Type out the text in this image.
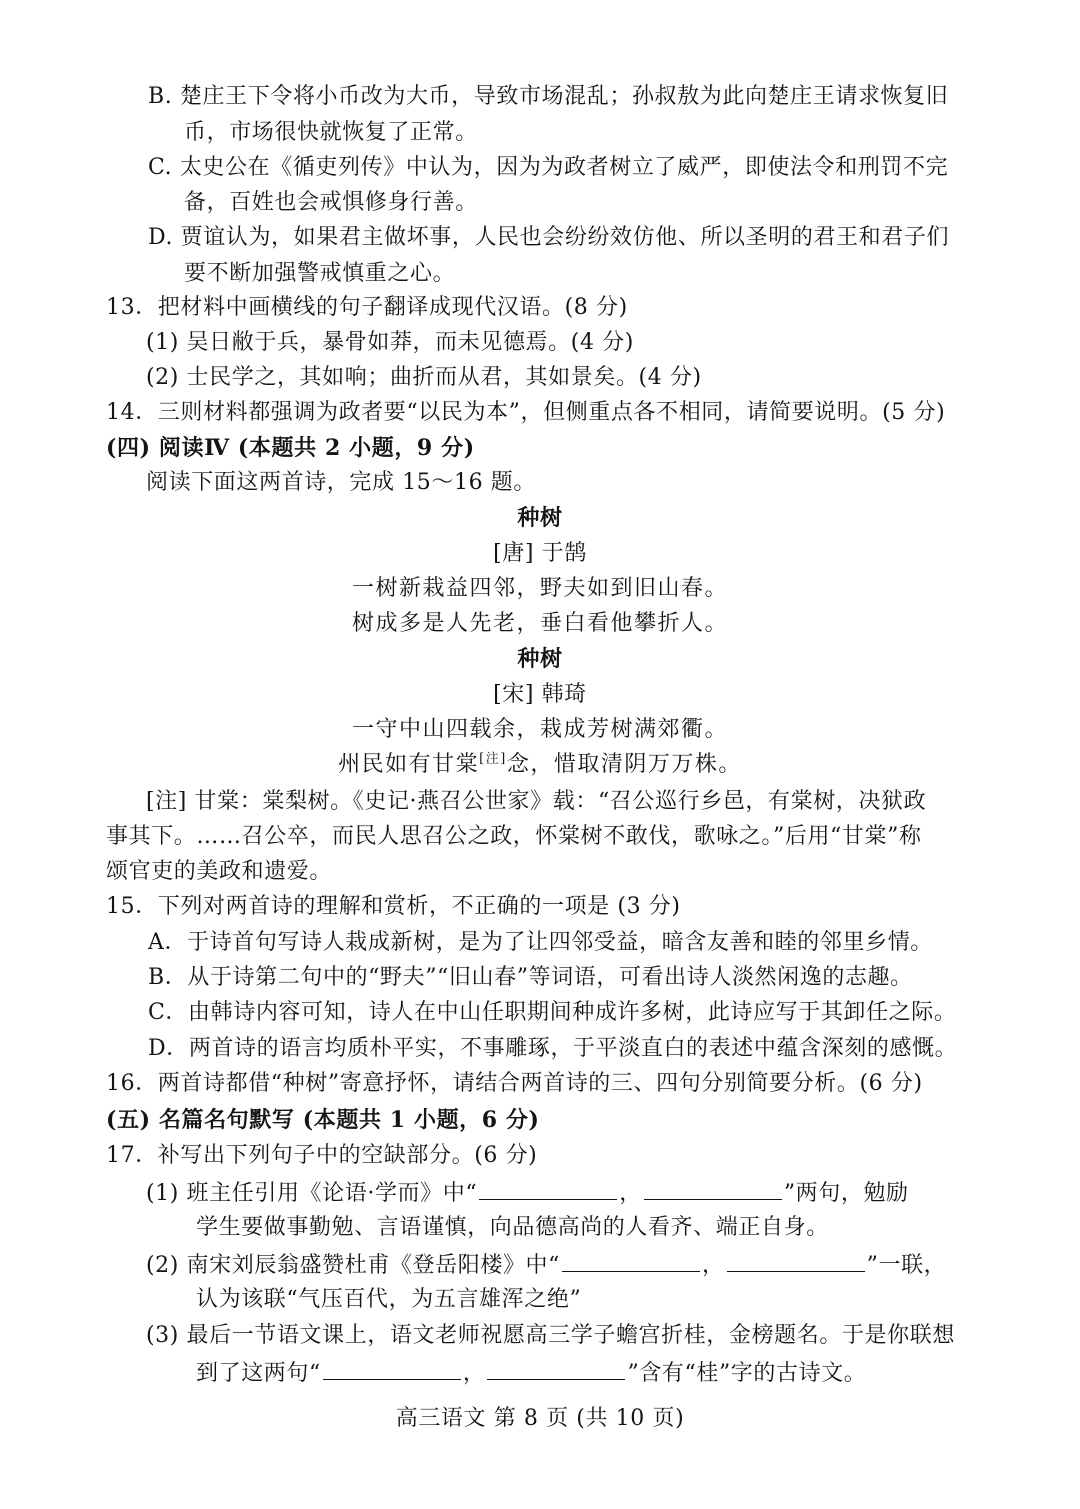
B. 楚庄王下令将小币改为大币，导致市场混乱；孙叔敖为此向楚庄王请求恢复旧
币，市场很快就恢复了正常。
C. 太史公在《循吏列传》中认为，因为为政者树立了威严，即使法令和刑罚不完
备，百姓也会戒惧修身行善。
D. 贾谊认为，如果君主做坏事，人民也会纷纷效仿他、所以圣明的君王和君子们
要不断加强警戒慎重之心。
13．把材料中画横线的句子翻译成现代汉语。(8 分)
(1) 吴日敝于兵，暴骨如莽，而未见德焉。(4 分)
(2) 士民学之，其如响；曲折而从君，其如景矣。(4 分)
14．三则材料都强调为政者要“以民为本”，但侧重点各不相同，请简要说明。(5 分)
(四) 阅读Ⅳ (本题共 2 小题，9 分)
阅读下面这两首诗，完成 15～16 题。
种树
[唐] 于鹄
一树新栽益四邻，野夫如到旧山春。
树成多是人先老，垂白看他攀折人。
种树
[宋] 韩琦
一守中山四载余，栽成芳树满郊衢。
州民如有甘棠[注]念，惜取清阴万万株。
[注] 甘棠：棠梨树。《史记·燕召公世家》载：“召公巡行乡邑，有棠树，决狱政
事其下。……召公卒，而民人思召公之政，怀棠树不敢伐，歌咏之。”后用“甘棠”称
颂官吏的美政和遗爱。
15．下列对两首诗的理解和赏析，不正确的一项是 (3 分)
A．于诗首句写诗人栽成新树，是为了让四邻受益，暗含友善和睦的邻里乡情。
B．从于诗第二句中的“野夫”“旧山春”等词语，可看出诗人淡然闲逸的志趣。
C．由韩诗内容可知，诗人在中山任职期间种成许多树，此诗应写于其卸任之际。
D．两首诗的语言均质朴平实，不事雕琢，于平淡直白的表述中蕴含深刻的感慨。
16．两首诗都借“种树”寄意抒怀，请结合两首诗的三、四句分别简要分析。(6 分)
(五) 名篇名句默写 (本题共 1 小题，6 分)
17．补写出下列句子中的空缺部分。(6 分)
(1) 班主任引用《论语·学而》中“	，	”两句，勉励
学生要做事勤勉、言语谨慎，向品德高尚的人看齐、端正自身。
(2) 南宋刘辰翁盛赞杜甫《登岳阳楼》中“	，	”一联，
认为该联“气压百代，为五言雄浑之绝”
(3) 最后一节语文课上，语文老师祝愿高三学子蟾宫折桂，金榜题名。于是你联想
到了这两句“	，	”含有“桂”字的古诗文。
高三语文 第 8 页 (共 10 页)
